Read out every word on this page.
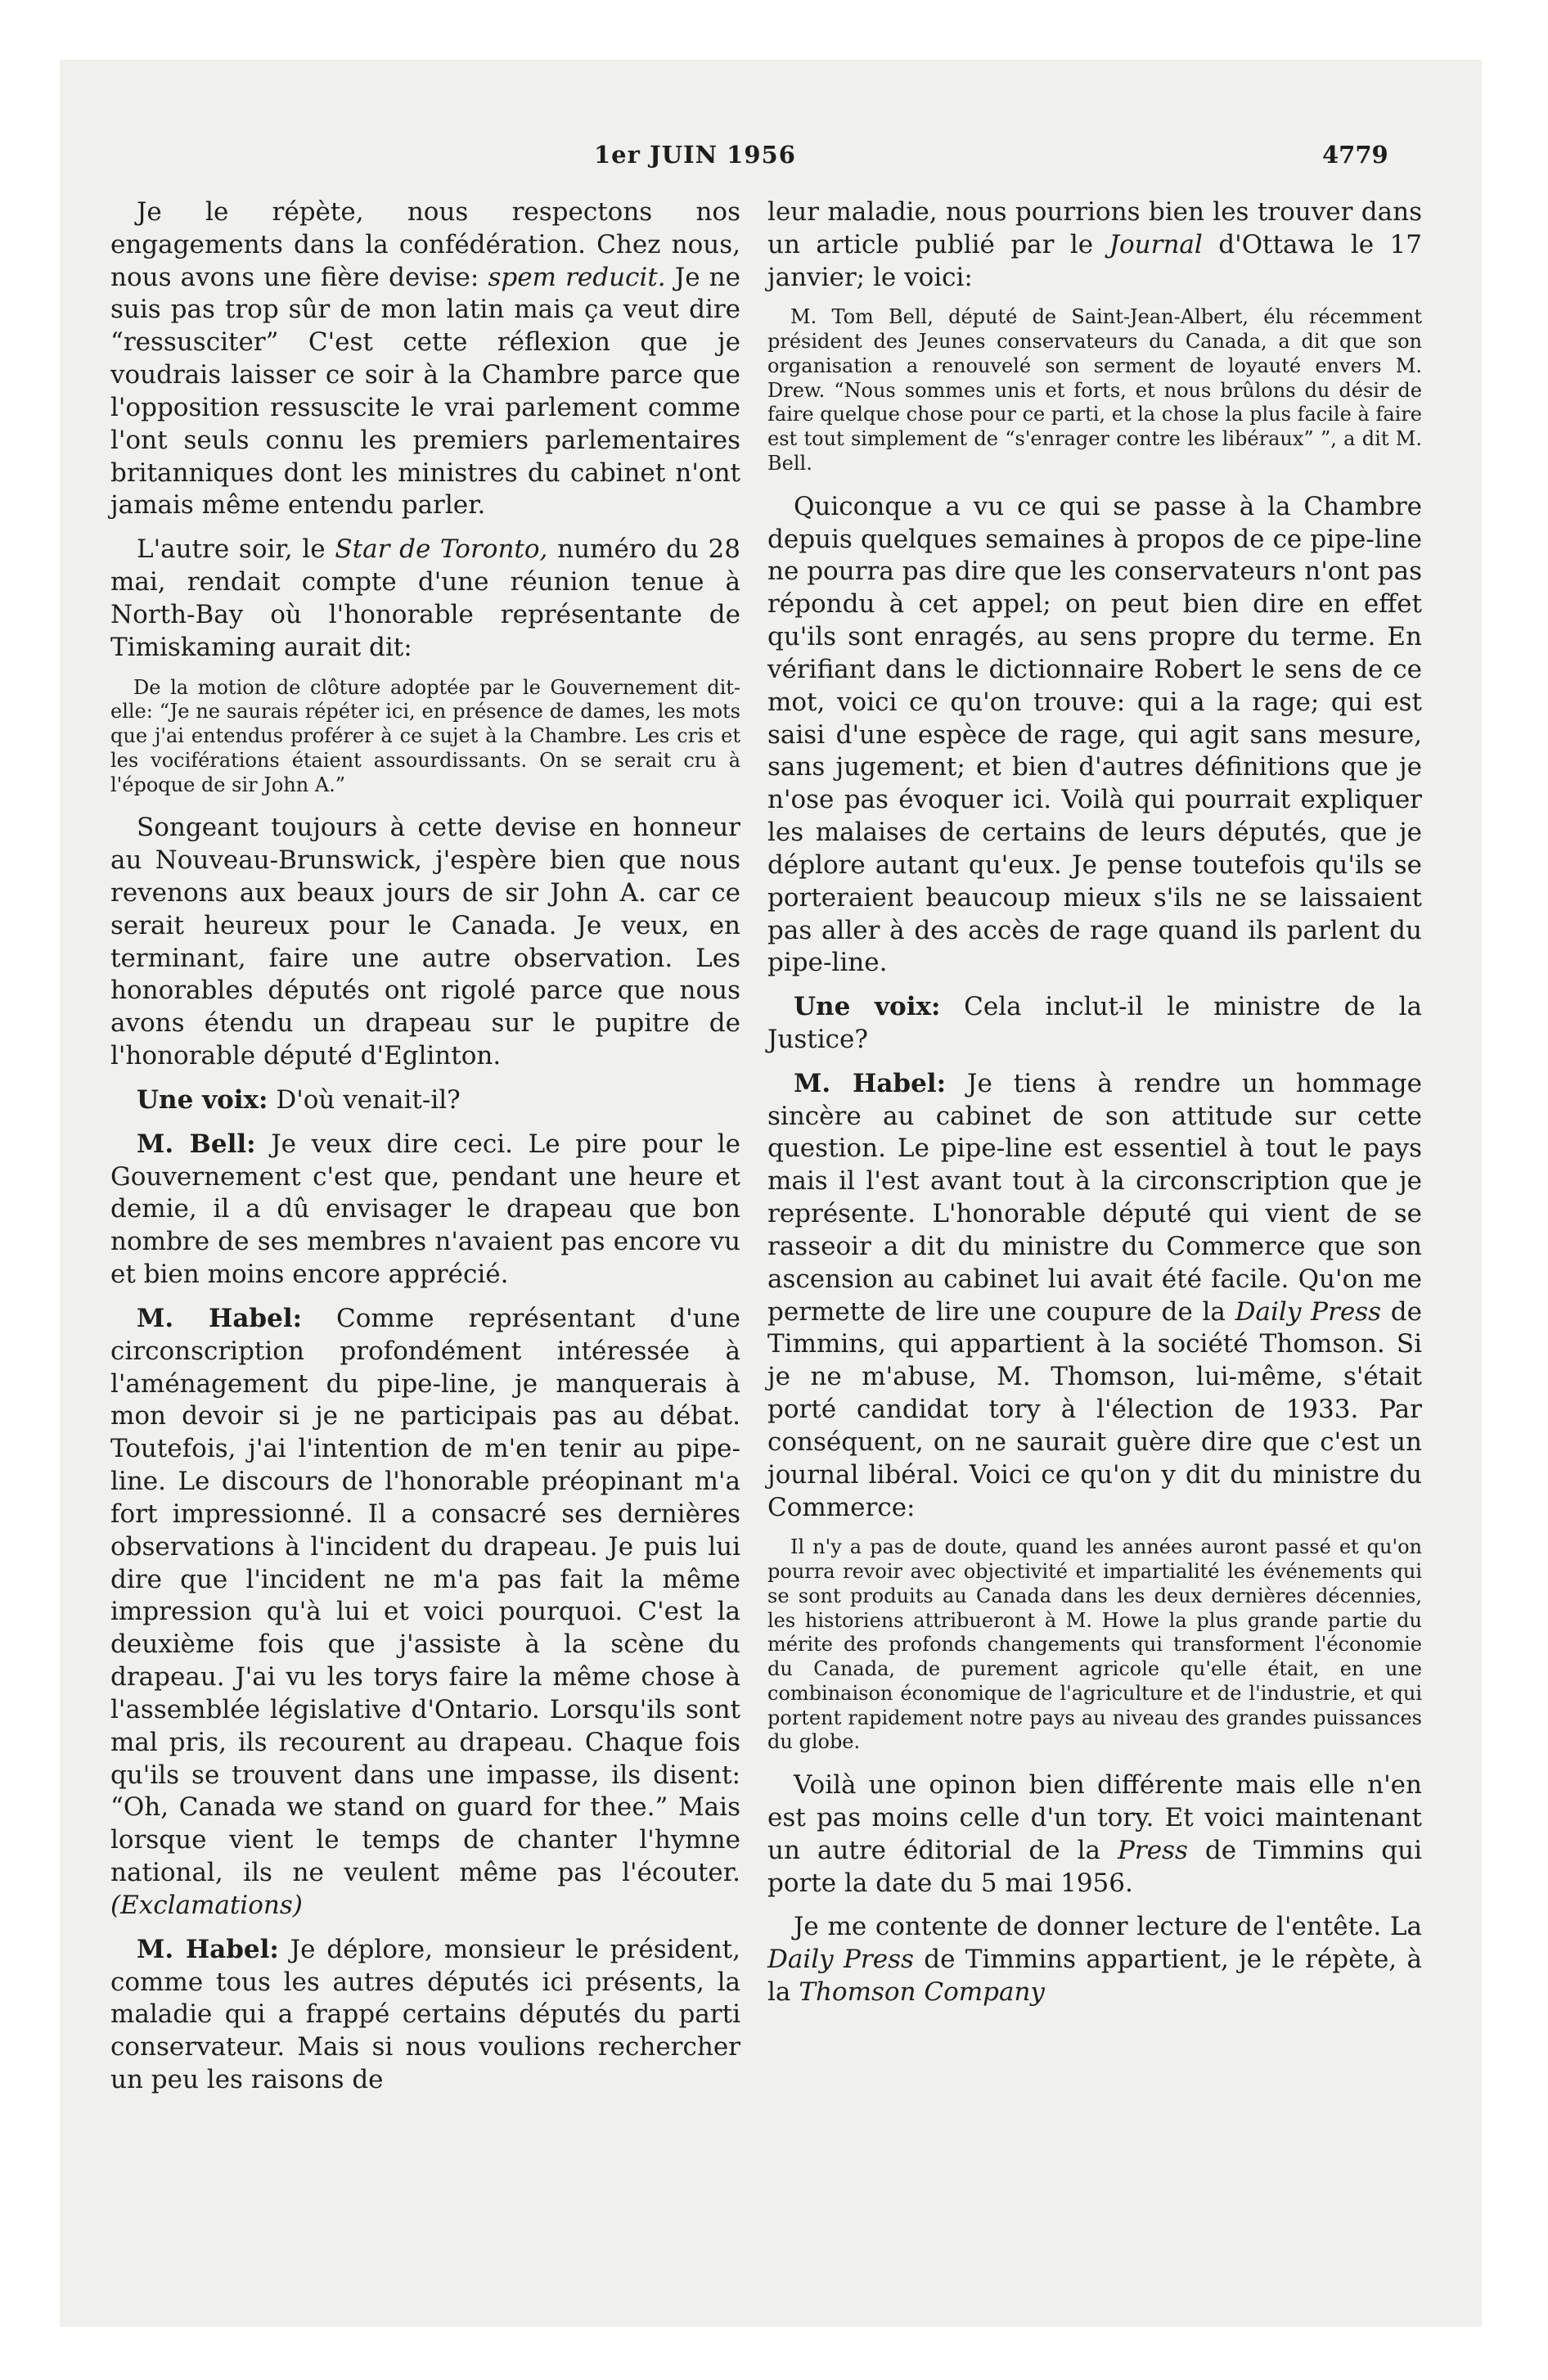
1er JUIN 1956	4779

Je le répète, nous respectons nos engagements dans la confédération. Chez nous, nous avons une fière devise: spem reducit. Je ne suis pas trop sûr de mon latin mais ça veut dire “ressusciter” C'est cette réflexion que je voudrais laisser ce soir à la Chambre parce que l'opposition ressuscite le vrai parlement comme l'ont seuls connu les premiers parlementaires britanniques dont les ministres du cabinet n'ont jamais même entendu parler.

L'autre soir, le Star de Toronto, numéro du 28 mai, rendait compte d'une réunion tenue à North-Bay où l'honorable représentante de Timiskaming aurait dit:

De la motion de clôture adoptée par le Gouvernement dit-elle: “Je ne saurais répéter ici, en présence de dames, les mots que j'ai entendus proférer à ce sujet à la Chambre. Les cris et les vociférations étaient assourdissants. On se serait cru à l'époque de sir John A.”

Songeant toujours à cette devise en honneur au Nouveau-Brunswick, j'espère bien que nous revenons aux beaux jours de sir John A. car ce serait heureux pour le Canada. Je veux, en terminant, faire une autre observation. Les honorables députés ont rigolé parce que nous avons étendu un drapeau sur le pupitre de l'honorable député d'Eglinton.

Une voix: D'où venait-il?

M. Bell: Je veux dire ceci. Le pire pour le Gouvernement c'est que, pendant une heure et demie, il a dû envisager le drapeau que bon nombre de ses membres n'avaient pas encore vu et bien moins encore apprécié.

M. Habel: Comme représentant d'une circonscription profondément intéressée à l'aménagement du pipe-line, je manquerais à mon devoir si je ne participais pas au débat. Toutefois, j'ai l'intention de m'en tenir au pipe-line. Le discours de l'honorable préopinant m'a fort impressionné. Il a consacré ses dernières observations à l'incident du drapeau. Je puis lui dire que l'incident ne m'a pas fait la même impression qu'à lui et voici pourquoi. C'est la deuxième fois que j'assiste à la scène du drapeau. J'ai vu les torys faire la même chose à l'assemblée législative d'Ontario. Lorsqu'ils sont mal pris, ils recourent au drapeau. Chaque fois qu'ils se trouvent dans une impasse, ils disent: “Oh, Canada we stand on guard for thee.” Mais lorsque vient le temps de chanter l'hymne national, ils ne veulent même pas l'écouter. (Exclamations)

M. Habel: Je déplore, monsieur le président, comme tous les autres députés ici présents, la maladie qui a frappé certains députés du parti conservateur. Mais si nous voulions rechercher un peu les raisons de

leur maladie, nous pourrions bien les trouver dans un article publié par le Journal d'Ottawa le 17 janvier; le voici:

M. Tom Bell, député de Saint-Jean-Albert, élu récemment président des Jeunes conservateurs du Canada, a dit que son organisation a renouvelé son serment de loyauté envers M. Drew. “Nous sommes unis et forts, et nous brûlons du désir de faire quelque chose pour ce parti, et la chose la plus facile à faire est tout simplement de “s'enrager contre les libéraux” ”, a dit M. Bell.

Quiconque a vu ce qui se passe à la Chambre depuis quelques semaines à propos de ce pipe-line ne pourra pas dire que les conservateurs n'ont pas répondu à cet appel; on peut bien dire en effet qu'ils sont enragés, au sens propre du terme. En vérifiant dans le dictionnaire Robert le sens de ce mot, voici ce qu'on trouve: qui a la rage; qui est saisi d'une espèce de rage, qui agit sans mesure, sans jugement; et bien d'autres définitions que je n'ose pas évoquer ici. Voilà qui pourrait expliquer les malaises de certains de leurs députés, que je déplore autant qu'eux. Je pense toutefois qu'ils se porteraient beaucoup mieux s'ils ne se laissaient pas aller à des accès de rage quand ils parlent du pipe-line.

Une voix: Cela inclut-il le ministre de la Justice?

M. Habel: Je tiens à rendre un hommage sincère au cabinet de son attitude sur cette question. Le pipe-line est essentiel à tout le pays mais il l'est avant tout à la circonscription que je représente. L'honorable député qui vient de se rasseoir a dit du ministre du Commerce que son ascension au cabinet lui avait été facile. Qu'on me permette de lire une coupure de la Daily Press de Timmins, qui appartient à la société Thomson. Si je ne m'abuse, M. Thomson, lui-même, s'était porté candidat tory à l'élection de 1933. Par conséquent, on ne saurait guère dire que c'est un journal libéral. Voici ce qu'on y dit du ministre du Commerce:

Il n'y a pas de doute, quand les années auront passé et qu'on pourra revoir avec objectivité et impartialité les événements qui se sont produits au Canada dans les deux dernières décennies, les historiens attribueront à M. Howe la plus grande partie du mérite des profonds changements qui transforment l'économie du Canada, de purement agricole qu'elle était, en une combinaison économique de l'agriculture et de l'industrie, et qui portent rapidement notre pays au niveau des grandes puissances du globe.

Voilà une opinon bien différente mais elle n'en est pas moins celle d'un tory. Et voici maintenant un autre éditorial de la Press de Timmins qui porte la date du 5 mai 1956.

Je me contente de donner lecture de l'entête. La Daily Press de Timmins appartient, je le répète, à la Thomson Company
